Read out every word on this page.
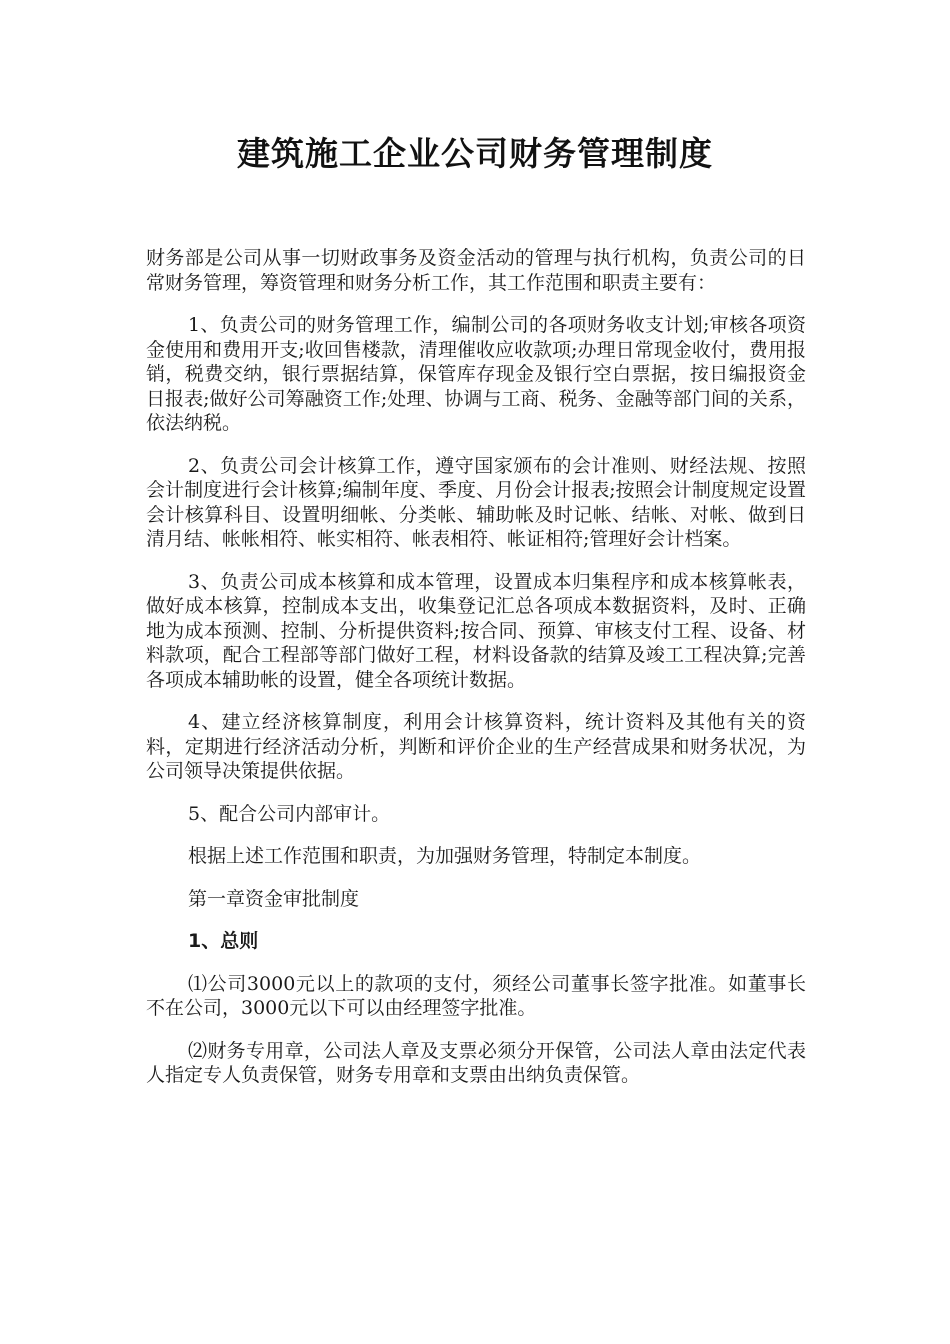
建筑施工企业公司财务管理制度

财务部是公司从事一切财政事务及资金活动的管理与执行机构，负责公司的日常财务管理，筹资管理和财务分析工作，其工作范围和职责主要有：

1、负责公司的财务管理工作，编制公司的各项财务收支计划;审核各项资金使用和费用开支;收回售楼款，清理催收应收款项;办理日常现金收付，费用报销，税费交纳，银行票据结算，保管库存现金及银行空白票据，按日编报资金日报表;做好公司筹融资工作;处理、协调与工商、税务、金融等部门间的关系，依法纳税。

2、负责公司会计核算工作，遵守国家颁布的会计准则、财经法规、按照会计制度进行会计核算;编制年度、季度、月份会计报表;按照会计制度规定设置会计核算科目、设置明细帐、分类帐、辅助帐及时记帐、结帐、对帐、做到日清月结、帐帐相符、帐实相符、帐表相符、帐证相符;管理好会计档案。

3、负责公司成本核算和成本管理，设置成本归集程序和成本核算帐表，做好成本核算，控制成本支出，收集登记汇总各项成本数据资料，及时、正确地为成本预测、控制、分析提供资料;按合同、预算、审核支付工程、设备、材料款项，配合工程部等部门做好工程，材料设备款的结算及竣工工程决算;完善各项成本辅助帐的设置，健全各项统计数据。

4、建立经济核算制度，利用会计核算资料，统计资料及其他有关的资料，定期进行经济活动分析，判断和评价企业的生产经营成果和财务状况，为公司领导决策提供依据。

5、配合公司内部审计。

根据上述工作范围和职责，为加强财务管理，特制定本制度。

第一章资金审批制度

1、总则

⑴公司3000元以上的款项的支付，须经公司董事长签字批准。如董事长不在公司，3000元以下可以由经理签字批准。

⑵财务专用章，公司法人章及支票必须分开保管，公司法人章由法定代表人指定专人负责保管，财务专用章和支票由出纳负责保管。
